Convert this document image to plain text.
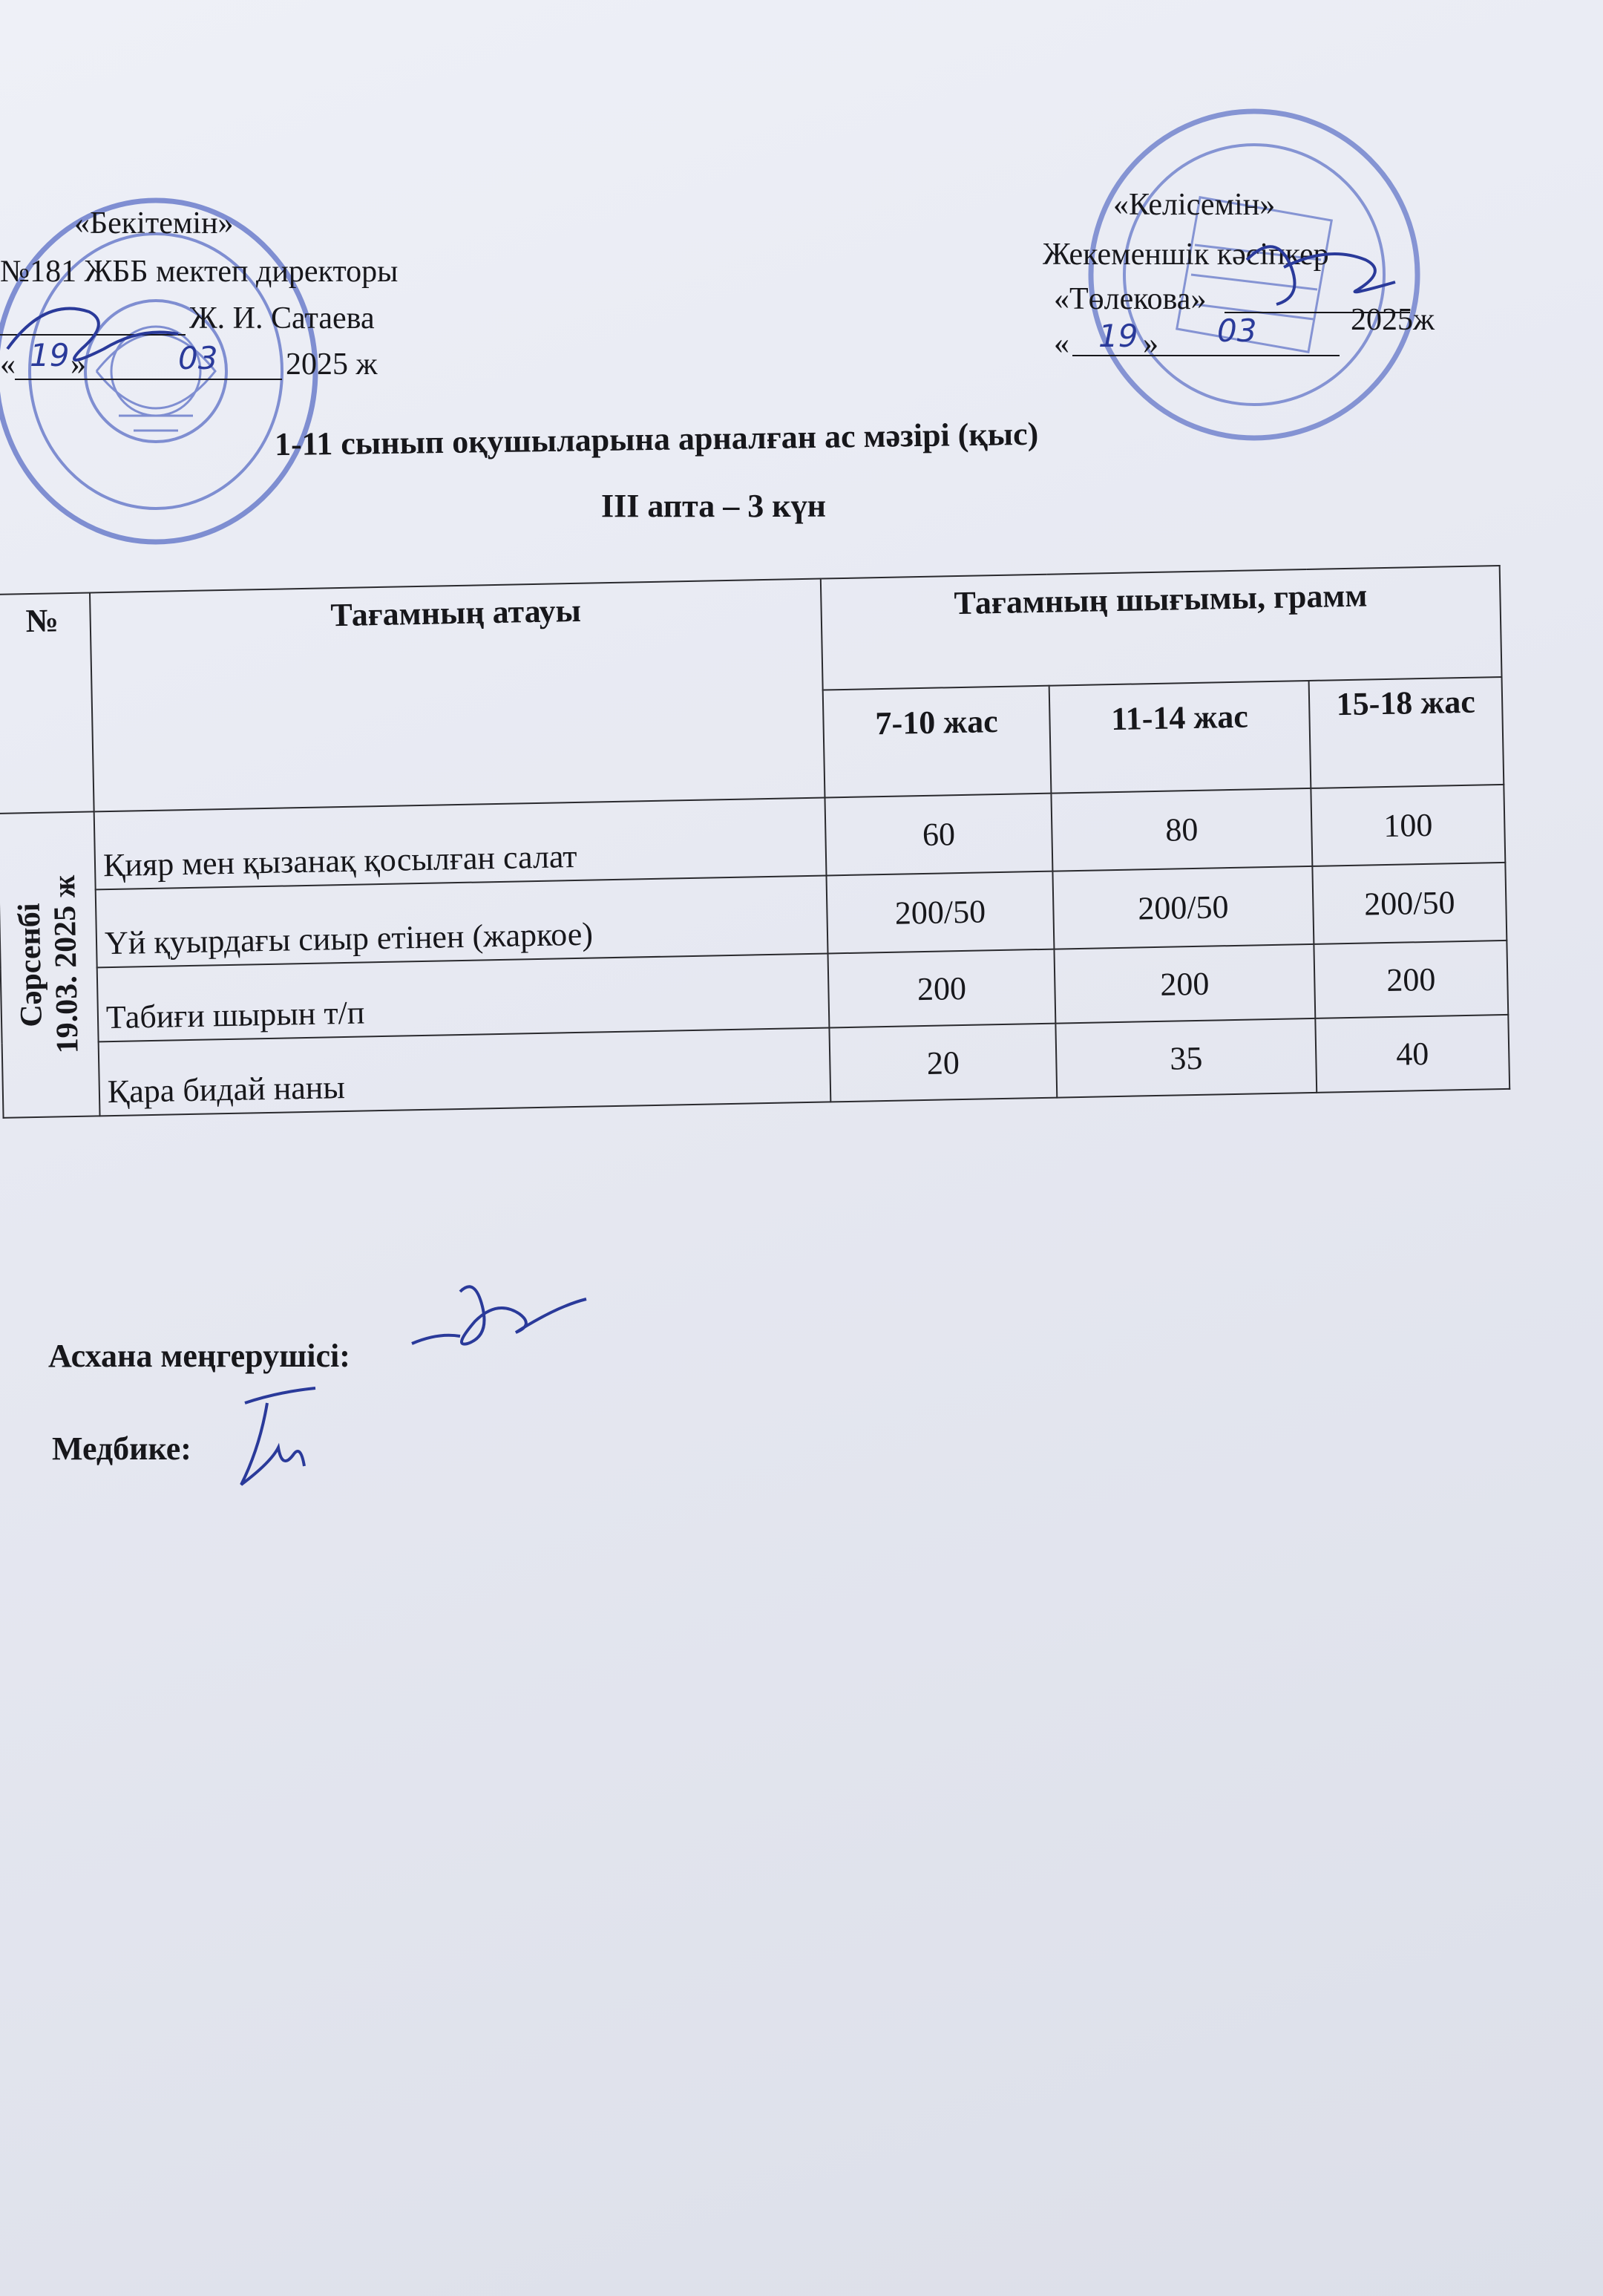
«Бекітемін»
№181 ЖББ мектеп директоры
Ж. И. Сатаева
« 19 »	03 2025 ж
«Келісемін»
Жекеменшік кәсіпкер
«Төлекова»
« 19 » 03	2025ж
1-11 сынып оқушыларына арналған ас мәзірі (қыс)
III апта – 3 күн
№	Тағамның атауы	Тағамның шығымы, грамм		
		7-10 жас	11-14 жас	15-18 жас

Сәрсенбі
19.03. 2025 ж	Қияр мен қызанақ қосылған салат	60	80	100
	Үй қуырдағы сиыр етінен (жаркое)	200/50	200/50	200/50
	Табиғи шырын т/п	200	200	200
	Қара бидай наны	20	35	40
Асхана меңгерушісі:
Медбике:
